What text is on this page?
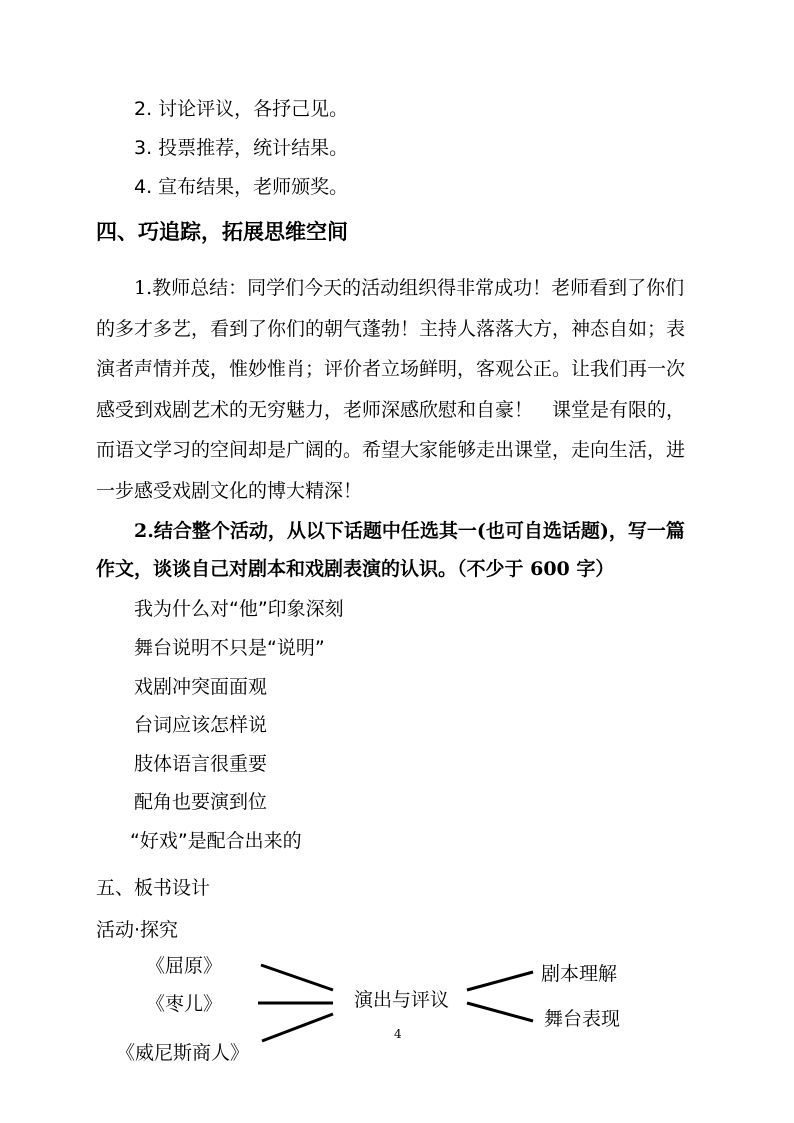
2. 讨论评议，各抒己见。
3. 投票推荐，统计结果。
4. 宣布结果，老师颁奖。
四、巧追踪，拓展思维空间
1.教师总结：同学们今天的活动组织得非常成功！老师看到了你们的多才多艺，看到了你们的朝气蓬勃！主持人落落大方，神态自如；表演者声情并茂，惟妙惟肖；评价者立场鲜明，客观公正。让我们再一次感受到戏剧艺术的无穷魅力，老师深感欣慰和自豪！　课堂是有限的，而语文学习的空间却是广阔的。希望大家能够走出课堂，走向生活，进一步感受戏剧文化的博大精深！
2.结合整个活动，从以下话题中任选其一(也可自选话题)，写一篇作文，谈谈自己对剧本和戏剧表演的认识。（不少于 600 字）
我为什么对“他”印象深刻
舞台说明不只是“说明”
戏剧冲突面面观
台词应该怎样说
肢体语言很重要
配角也要演到位
“好戏”是配合出来的
五、板书设计
活动·探究
《屈原》
《枣儿》
《威尼斯商人》
演出与评议
剧本理解
舞台表现
4
